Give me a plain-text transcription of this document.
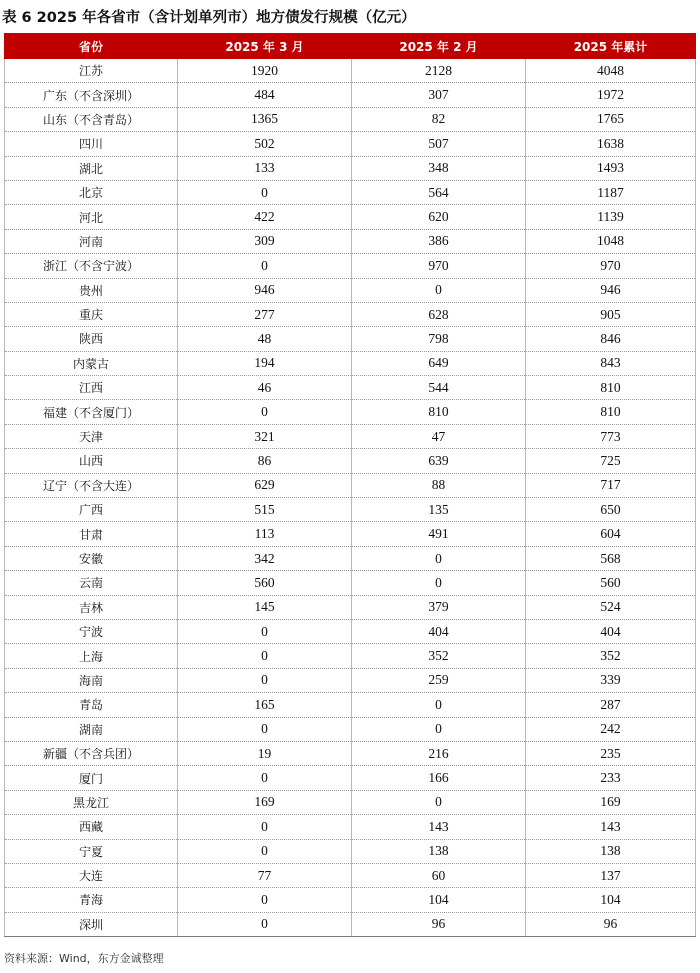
表 6 2025 年各省市（含计划单列市）地方债发行规模（亿元）
省份	2025 年 3 月	2025 年 2 月	2025 年累计
江苏	1920	2128	4048
广东（不含深圳）	484	307	1972
山东（不含青岛）	1365	82	1765
四川	502	507	1638
湖北	133	348	1493
北京	0	564	1187
河北	422	620	1139
河南	309	386	1048
浙江（不含宁波）	0	970	970
贵州	946	0	946
重庆	277	628	905
陕西	48	798	846
内蒙古	194	649	843
江西	46	544	810
福建（不含厦门）	0	810	810
天津	321	47	773
山西	86	639	725
辽宁（不含大连）	629	88	717
广西	515	135	650
甘肃	113	491	604
安徽	342	0	568
云南	560	0	560
吉林	145	379	524
宁波	0	404	404
上海	0	352	352
海南	0	259	339
青岛	165	0	287
湖南	0	0	242
新疆（不含兵团）	19	216	235
厦门	0	166	233
黑龙江	169	0	169
西藏	0	143	143
宁夏	0	138	138
大连	77	60	137
青海	0	104	104
深圳	0	96	96
资料来源：Wind，东方金诚整理
